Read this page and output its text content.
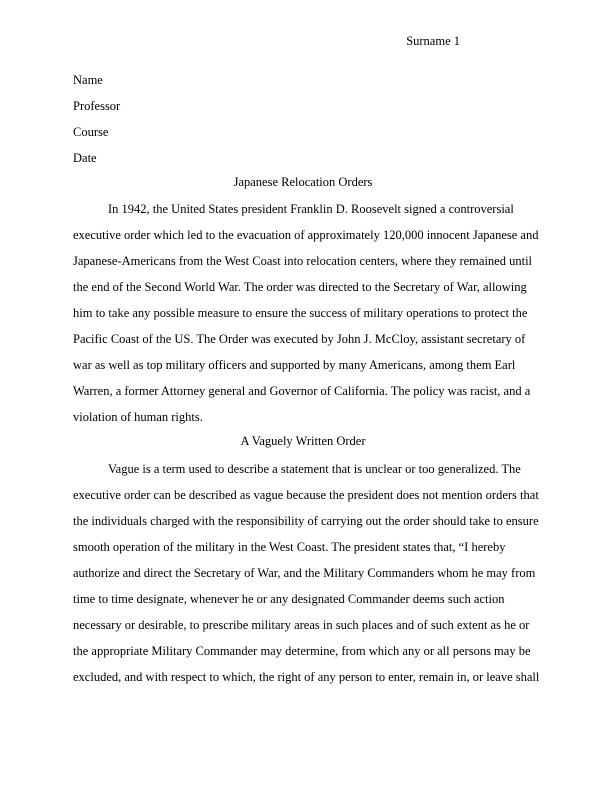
Surname 1
Name
Professor
Course
Date
Japanese Relocation Orders
In 1942, the United States president Franklin D. Roosevelt signed a controversial
executive order which led to the evacuation of approximately 120,000 innocent Japanese and
Japanese-Americans from the West Coast into relocation centers, where they remained until
the end of the Second World War. The order was directed to the Secretary of War, allowing
him to take any possible measure to ensure the success of military operations to protect the
Pacific Coast of the US. The Order was executed by John J. McCloy, assistant secretary of
war as well as top military officers and supported by many Americans, among them Earl
Warren, a former Attorney general and Governor of California. The policy was racist, and a
violation of human rights.
A Vaguely Written Order
Vague is a term used to describe a statement that is unclear or too generalized. The
executive order can be described as vague because the president does not mention orders that
the individuals charged with the responsibility of carrying out the order should take to ensure
smooth operation of the military in the West Coast. The president states that, “I hereby
authorize and direct the Secretary of War, and the Military Commanders whom he may from
time to time designate, whenever he or any designated Commander deems such action
necessary or desirable, to prescribe military areas in such places and of such extent as he or
the appropriate Military Commander may determine, from which any or all persons may be
excluded, and with respect to which, the right of any person to enter, remain in, or leave shall
